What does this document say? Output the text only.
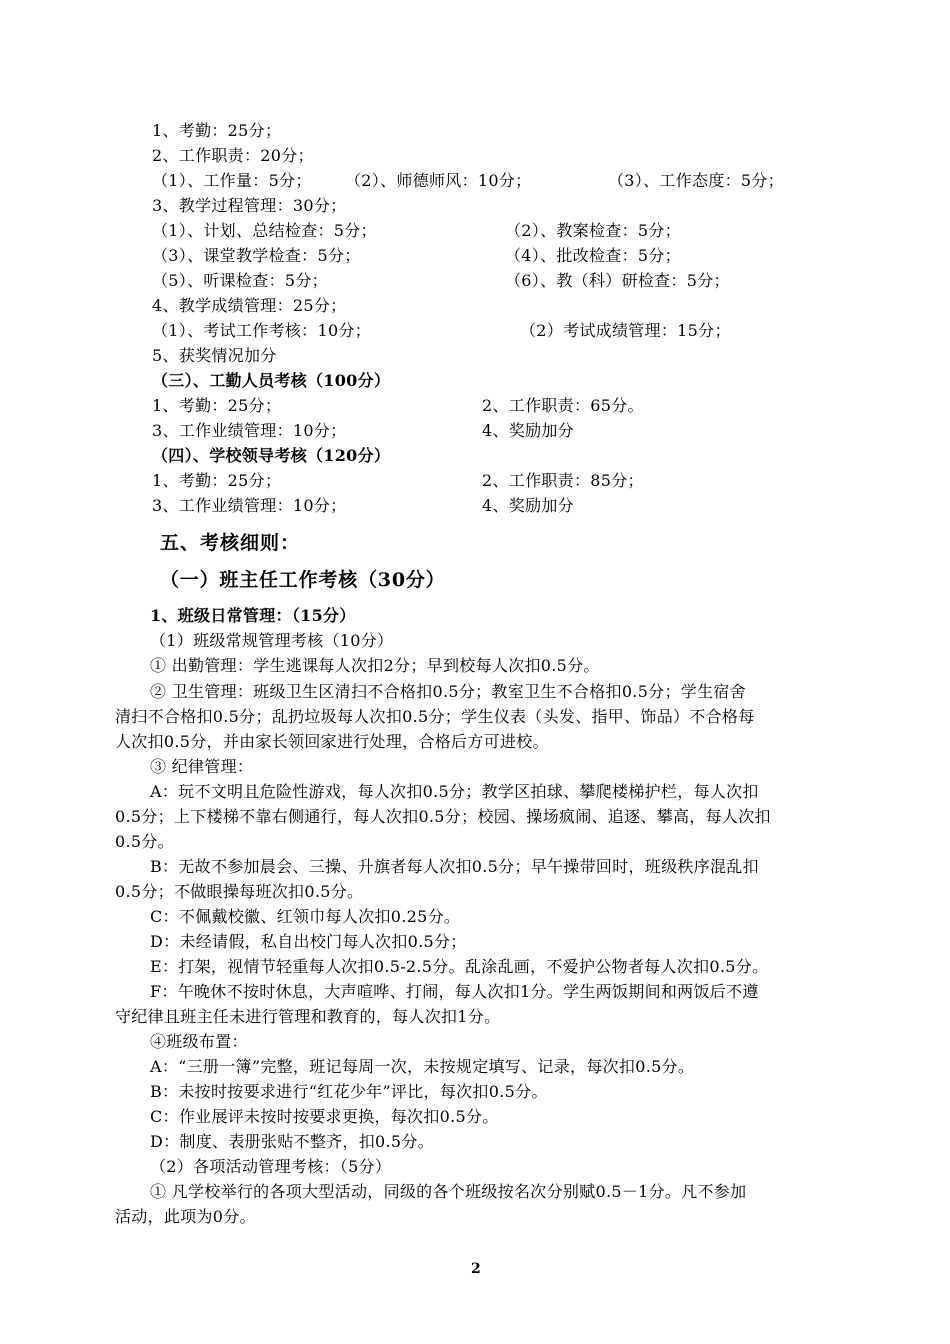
1、考勤：25分；
2、工作职责：20分；
（1）、工作量：5分； （2）、师德师风：10分；	（3）、工作态度：5分；
3、教学过程管理：30分；
（1）、计划、总结检查：5分；	（2）、教案检查：5分；
（3）、课堂教学检查：5分；	（4）、批改检查：5分；
（5）、听课检查：5分；	（6）、教（科）研检查：5分；
4、教学成绩管理：25分；
（1）、考试工作考核：10分；	（2）考试成绩管理：15分；
5、获奖情况加分
（三）、工勤人员考核（100分）
1、考勤：25分；	2、工作职责：65分。
3、工作业绩管理：10分；	4、奖励加分
（四）、学校领导考核（120分）
1、考勤：25分；	2、工作职责：85分；
3、工作业绩管理：10分；	4、奖励加分
五、考核细则：
（一）班主任工作考核（30分）
1、班级日常管理：（15分）
（1）班级常规管理考核（10分）
① 出勤管理：学生逃课每人次扣2分；早到校每人次扣0.5分。
② 卫生管理：班级卫生区清扫不合格扣0.5分；教室卫生不合格扣0.5分；学生宿舍
清扫不合格扣0.5分；乱扔垃圾每人次扣0.5分；学生仪表（头发、指甲、饰品）不合格每
人次扣0.5分，并由家长领回家进行处理，合格后方可进校。
③ 纪律管理：
A：玩不文明且危险性游戏，每人次扣0.5分；教学区拍球、攀爬楼梯护栏，每人次扣
0.5分；上下楼梯不靠右侧通行，每人次扣0.5分；校园、操场疯闹、追逐、攀高，每人次扣
0.5分。
B：无故不参加晨会、三操、升旗者每人次扣0.5分；早午操带回时，班级秩序混乱扣
0.5分；不做眼操每班次扣0.5分。
C：不佩戴校徽、红领巾每人次扣0.25分。
D：未经请假，私自出校门每人次扣0.5分；
E：打架，视情节轻重每人次扣0.5-2.5分。乱涂乱画，不爱护公物者每人次扣0.5分。
F：午晚休不按时休息，大声喧哗、打闹，每人次扣1分。学生两饭期间和两饭后不遵
守纪律且班主任未进行管理和教育的，每人次扣1分。
④班级布置：
A：“三册一簿”完整，班记每周一次，未按规定填写、记录，每次扣0.5分。
B：未按时按要求进行“红花少年”评比，每次扣0.5分。
C：作业展评未按时按要求更换，每次扣0.5分。
D：制度、表册张贴不整齐，扣0.5分。
（2）各项活动管理考核：（5分）
① 凡学校举行的各项大型活动，同级的各个班级按名次分别赋0.5－1分。凡不参加
活动，此项为0分。
2
